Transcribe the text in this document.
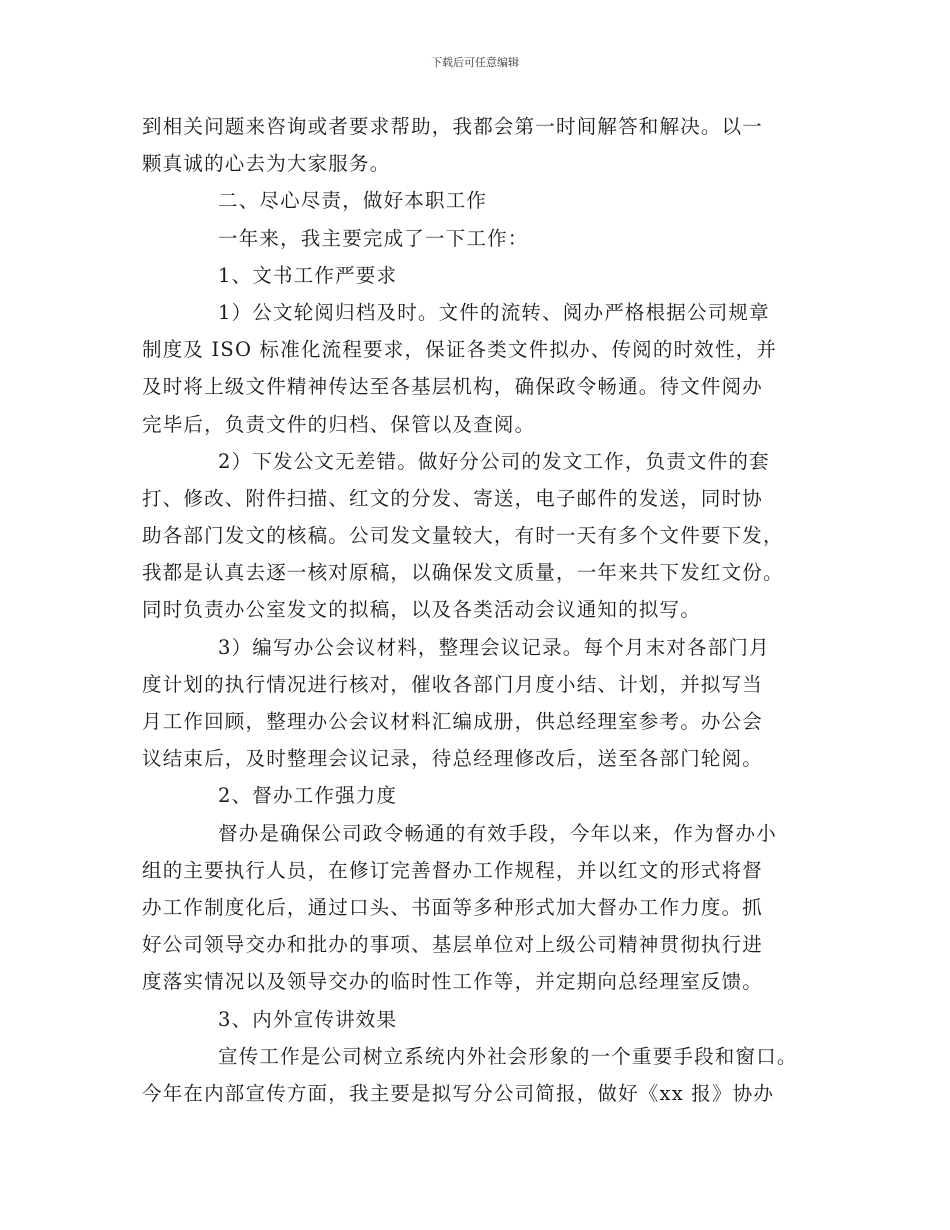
下载后可任意编辑
到相关问题来咨询或者要求帮助，我都会第一时间解答和解决。以一
颗真诚的心去为大家服务。
二、尽心尽责，做好本职工作
一年来，我主要完成了一下工作：
1、文书工作严要求
1）公文轮阅归档及时。文件的流转、阅办严格根据公司规章
制度及 ISO 标准化流程要求，保证各类文件拟办、传阅的时效性，并
及时将上级文件精神传达至各基层机构，确保政令畅通。待文件阅办
完毕后，负责文件的归档、保管以及查阅。
2）下发公文无差错。做好分公司的发文工作，负责文件的套
打、修改、附件扫描、红文的分发、寄送，电子邮件的发送，同时协
助各部门发文的核稿。公司发文量较大，有时一天有多个文件要下发，
我都是认真去逐一核对原稿，以确保发文质量，一年来共下发红文份。
同时负责办公室发文的拟稿，以及各类活动会议通知的拟写。
3）编写办公会议材料，整理会议记录。每个月末对各部门月
度计划的执行情况进行核对，催收各部门月度小结、计划，并拟写当
月工作回顾，整理办公会议材料汇编成册，供总经理室参考。办公会
议结束后，及时整理会议记录，待总经理修改后，送至各部门轮阅。
2、督办工作强力度
督办是确保公司政令畅通的有效手段，今年以来，作为督办小
组的主要执行人员，在修订完善督办工作规程，并以红文的形式将督
办工作制度化后，通过口头、书面等多种形式加大督办工作力度。抓
好公司领导交办和批办的事项、基层单位对上级公司精神贯彻执行进
度落实情况以及领导交办的临时性工作等，并定期向总经理室反馈。
3、内外宣传讲效果
宣传工作是公司树立系统内外社会形象的一个重要手段和窗口。
今年在内部宣传方面，我主要是拟写分公司简报，做好《xx 报》协办
